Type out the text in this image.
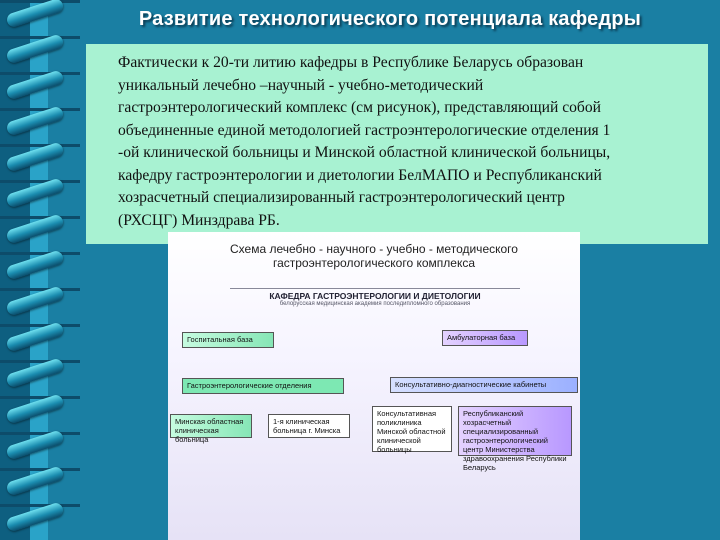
Развитие технологического потенциала кафедры

Фактически к 20-ти литию кафедры в Республике Беларусь образован
уникальный лечебно –научный - учебно-методический
гастроэнтерологический комплекс (см рисунок), представляющий собой
объединенные единой методологией гастроэнтерологические отделения 1
-ой клинической больницы и Минской областной клинической больницы,
кафедру гастроэнтерологии и диетологии БелМАПО и Республиканский
хозрасчетный специализированный гастроэнтерологический центр
(РХСЦГ) Минздрава РБ.

Схема лечебно - научного - учебно - методического
гастроэнтерологического комплекса
КАФЕДРА ГАСТРОЭНТЕРОЛОГИИ И ДИЕТОЛОГИИ
белорусская медицинская академия последипломного образования
Госпитальная база	Амбулаторная база
Гастроэнтерологические отделения	Консультативно-диагностические кабинеты
Минская областная клиническая больница
1-я клиническая больница г. Минска
Консультативная поликлиника Минской областной клинической больницы
Республиканский хозрасчетный специализированный гастроэнтерологический центр Министерства здравоохранения Республики Беларусь
